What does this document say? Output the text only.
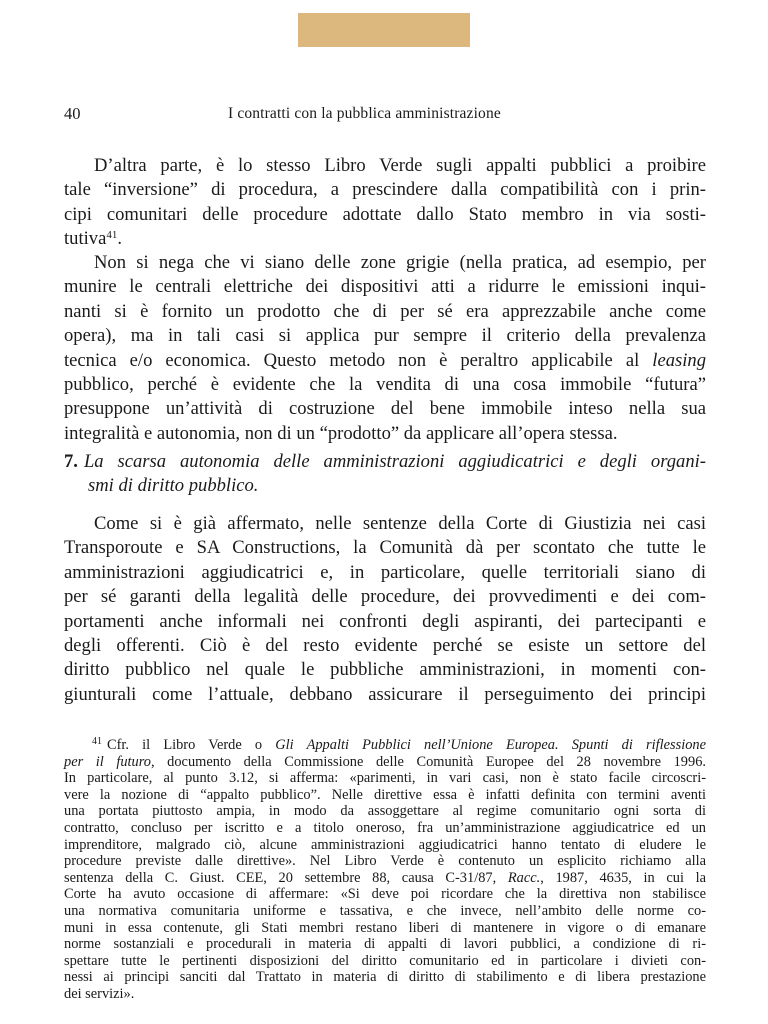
40	I contratti con la pubblica amministrazione
D’altra parte, è lo stesso Libro Verde sugli appalti pubblici a proibire
tale “inversione” di procedura, a prescindere dalla compatibilità con i prin-
cipi comunitari delle procedure adottate dallo Stato membro in via sosti-
tutiva$^{41}$.
Non si nega che vi siano delle zone grigie (nella pratica, ad esempio, per
munire le centrali elettriche dei dispositivi atti a ridurre le emissioni inqui-
nanti si è fornito un prodotto che di per sé era apprezzabile anche come
opera), ma in tali casi si applica pur sempre il criterio della prevalenza
tecnica e/o economica. Questo metodo non è peraltro applicabile al leasing
pubblico, perché è evidente che la vendita di una cosa immobile “futura”
presuppone un’attività di costruzione del bene immobile inteso nella sua
integralità e autonomia, non di un “prodotto” da applicare all’opera stessa.
7. La scarsa autonomia delle amministrazioni aggiudicatrici e degli organi-
smi di diritto pubblico.
Come si è già affermato, nelle sentenze della Corte di Giustizia nei casi
Transporoute e SA Constructions, la Comunità dà per scontato che tutte le
amministrazioni aggiudicatrici e, in particolare, quelle territoriali siano di
per sé garanti della legalità delle procedure, dei provvedimenti e dei com-
portamenti anche informali nei confronti degli aspiranti, dei partecipanti e
degli offerenti. Ciò è del resto evidente perché se esiste un settore del
diritto pubblico nel quale le pubbliche amministrazioni, in momenti con-
giunturali come l’attuale, debbano assicurare il perseguimento dei principi
$^{41}$ Cfr. il Libro Verde o Gli Appalti Pubblici nell’Unione Europea. Spunti di riflessione
per il futuro, documento della Commissione delle Comunità Europee del 28 novembre 1996.
In particolare, al punto 3.12, si afferma: «parimenti, in vari casi, non è stato facile circoscri-
vere la nozione di “appalto pubblico”. Nelle direttive essa è infatti definita con termini aventi
una portata piuttosto ampia, in modo da assoggettare al regime comunitario ogni sorta di
contratto, concluso per iscritto e a titolo oneroso, fra un’amministrazione aggiudicatrice ed un
imprenditore, malgrado ciò, alcune amministrazioni aggiudicatrici hanno tentato di eludere le
procedure previste dalle direttive». Nel Libro Verde è contenuto un esplicito richiamo alla
sentenza della C. Giust. CEE, 20 settembre 88, causa C-31/87, Racc., 1987, 4635, in cui la
Corte ha avuto occasione di affermare: «Si deve poi ricordare che la direttiva non stabilisce
una normativa comunitaria uniforme e tassativa, e che invece, nell’ambito delle norme co-
muni in essa contenute, gli Stati membri restano liberi di mantenere in vigore o di emanare
norme sostanziali e procedurali in materia di appalti di lavori pubblici, a condizione di ri-
spettare tutte le pertinenti disposizioni del diritto comunitario ed in particolare i divieti con-
nessi ai principi sanciti dal Trattato in materia di diritto di stabilimento e di libera prestazione
dei servizi».
